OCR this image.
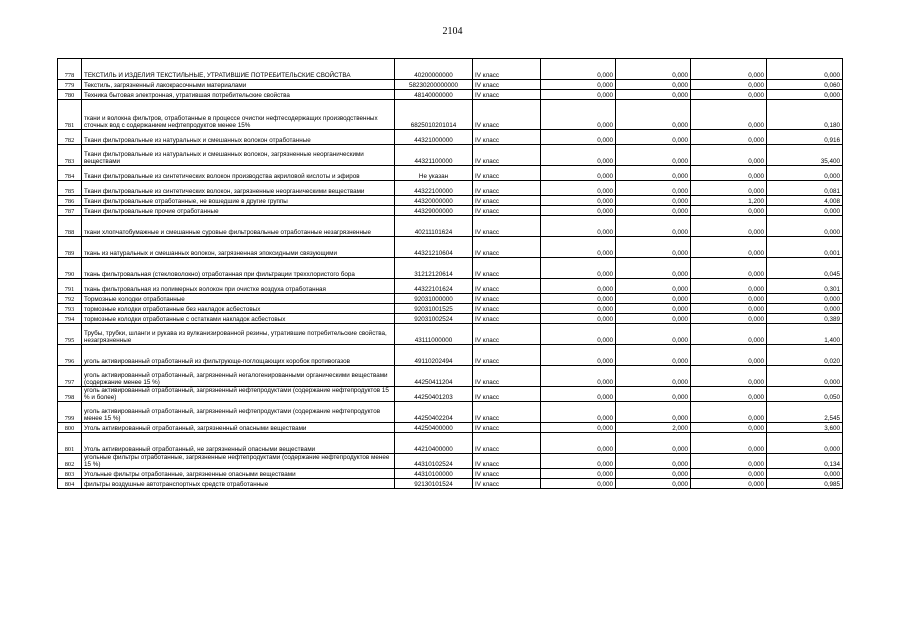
2104
778	ТЕКСТИЛЬ И ИЗДЕЛИЯ ТЕКСТИЛЬНЫЕ, УТРАТИВШИЕ ПОТРЕБИТЕЛЬСКИЕ СВОЙСТВА	40200000000	IV класс	0,000	0,000	0,000	0,000
779	Текстиль, загрязненный лакокрасочными материалами	58230200000000	IV класс	0,000	0,000	0,000	0,060
780	Техника бытовая электронная, утратившая потребительские свойства	48140000000	IV класс	0,000	0,000	0,000	0,000
781	ткани и волокна фильтров, отработанные в процессе очистки нефтесодержащих производственных сточных вод с содержанием нефтепродуктов менее 15%	6825010201014	IV класс	0,000	0,000	0,000	0,180
782	Ткани фильтровальные из натуральных и смешанных волокон отработанные	44321000000	IV класс	0,000	0,000	0,000	0,916
783	Ткани фильтровальные из натуральных и смешанных волокон, загрязненные неорганическими веществами	44321100000	IV класс	0,000	0,000	0,000	35,400
784	Ткани фильтровальные из синтетических волокон производства акриловой кислоты и эфиров	Не указан	IV класс	0,000	0,000	0,000	0,000
785	Ткани фильтровальные из синтетических волокон, загрязненные неорганическими веществами	44322100000	IV класс	0,000	0,000	0,000	0,081
786	Ткани фильтровальные отработанные, не вошедшие в другие группы	44320000000	IV класс	0,000	0,000	1,200	4,008
787	Ткани фильтровальные прочие отработанные	44329000000	IV класс	0,000	0,000	0,000	0,000
788	ткани хлопчатобумажные и смешанные суровые фильтровальные отработанные незагрязненные	40211101624	IV класс	0,000	0,000	0,000	0,000
789	ткань из натуральных и смешанных волокон, загрязненная эпоксидными связующими	44321210604	IV класс	0,000	0,000	0,000	0,001
790	ткань фильтровальная (стекловолокно) отработанная при фильтрации треххлористого бора	31212120614	IV класс	0,000	0,000	0,000	0,045
791	ткань фильтровальная из полимерных волокон при очистке воздуха отработанная	44322101624	IV класс	0,000	0,000	0,000	0,301
792	Тормозные колодки отработанные	92031000000	IV класс	0,000	0,000	0,000	0,000
793	тормозные колодки отработанные без накладок асбестовых	92031001525	IV класс	0,000	0,000	0,000	0,000
794	тормозные колодки отработанные с остатками накладок асбестовых	92031002524	IV класс	0,000	0,000	0,000	0,389
795	Трубы, трубки, шланги и рукава из вулканизированной резины, утратившие потребительские свойства, незагрязненные	43111000000	IV класс	0,000	0,000	0,000	1,400
796	уголь активированный отработанный из фильтрующе-поглощающих коробок противогазов	49110202494	IV класс	0,000	0,000	0,000	0,020
797	уголь активированный отработанный, загрязненный негалогенированными органическими веществами (содержание менее 15 %)	44250411204	IV класс	0,000	0,000	0,000	0,000
798	уголь активированный отработанный, загрязненный нефтепродуктами (содержание нефтепродуктов 15 % и более)	44250401203	IV класс	0,000	0,000	0,000	0,050
799	уголь активированный отработанный, загрязненный нефтепродуктами (содержание нефтепродуктов менее 15 %)	44250402204	IV класс	0,000	0,000	0,000	2,545
800	Уголь активированный отработанный, загрязненный опасными веществами	44250400000	IV класс	0,000	2,000	0,000	3,600
801	Уголь активированный отработанный, не загрязненный опасными веществами	44210400000	IV класс	0,000	0,000	0,000	0,000
802	угольные фильтры отработанные, загрязненные нефтепродуктами (содержание нефтепродуктов менее 15 %)	44310102524	IV класс	0,000	0,000	0,000	0,134
803	Угольные фильтры отработанные, загрязненные опасными веществами	44310100000	IV класс	0,000	0,000	0,000	0,000
804	фильтры воздушные автотранспортных средств отработанные	92130101524	IV класс	0,000	0,000	0,000	0,985
